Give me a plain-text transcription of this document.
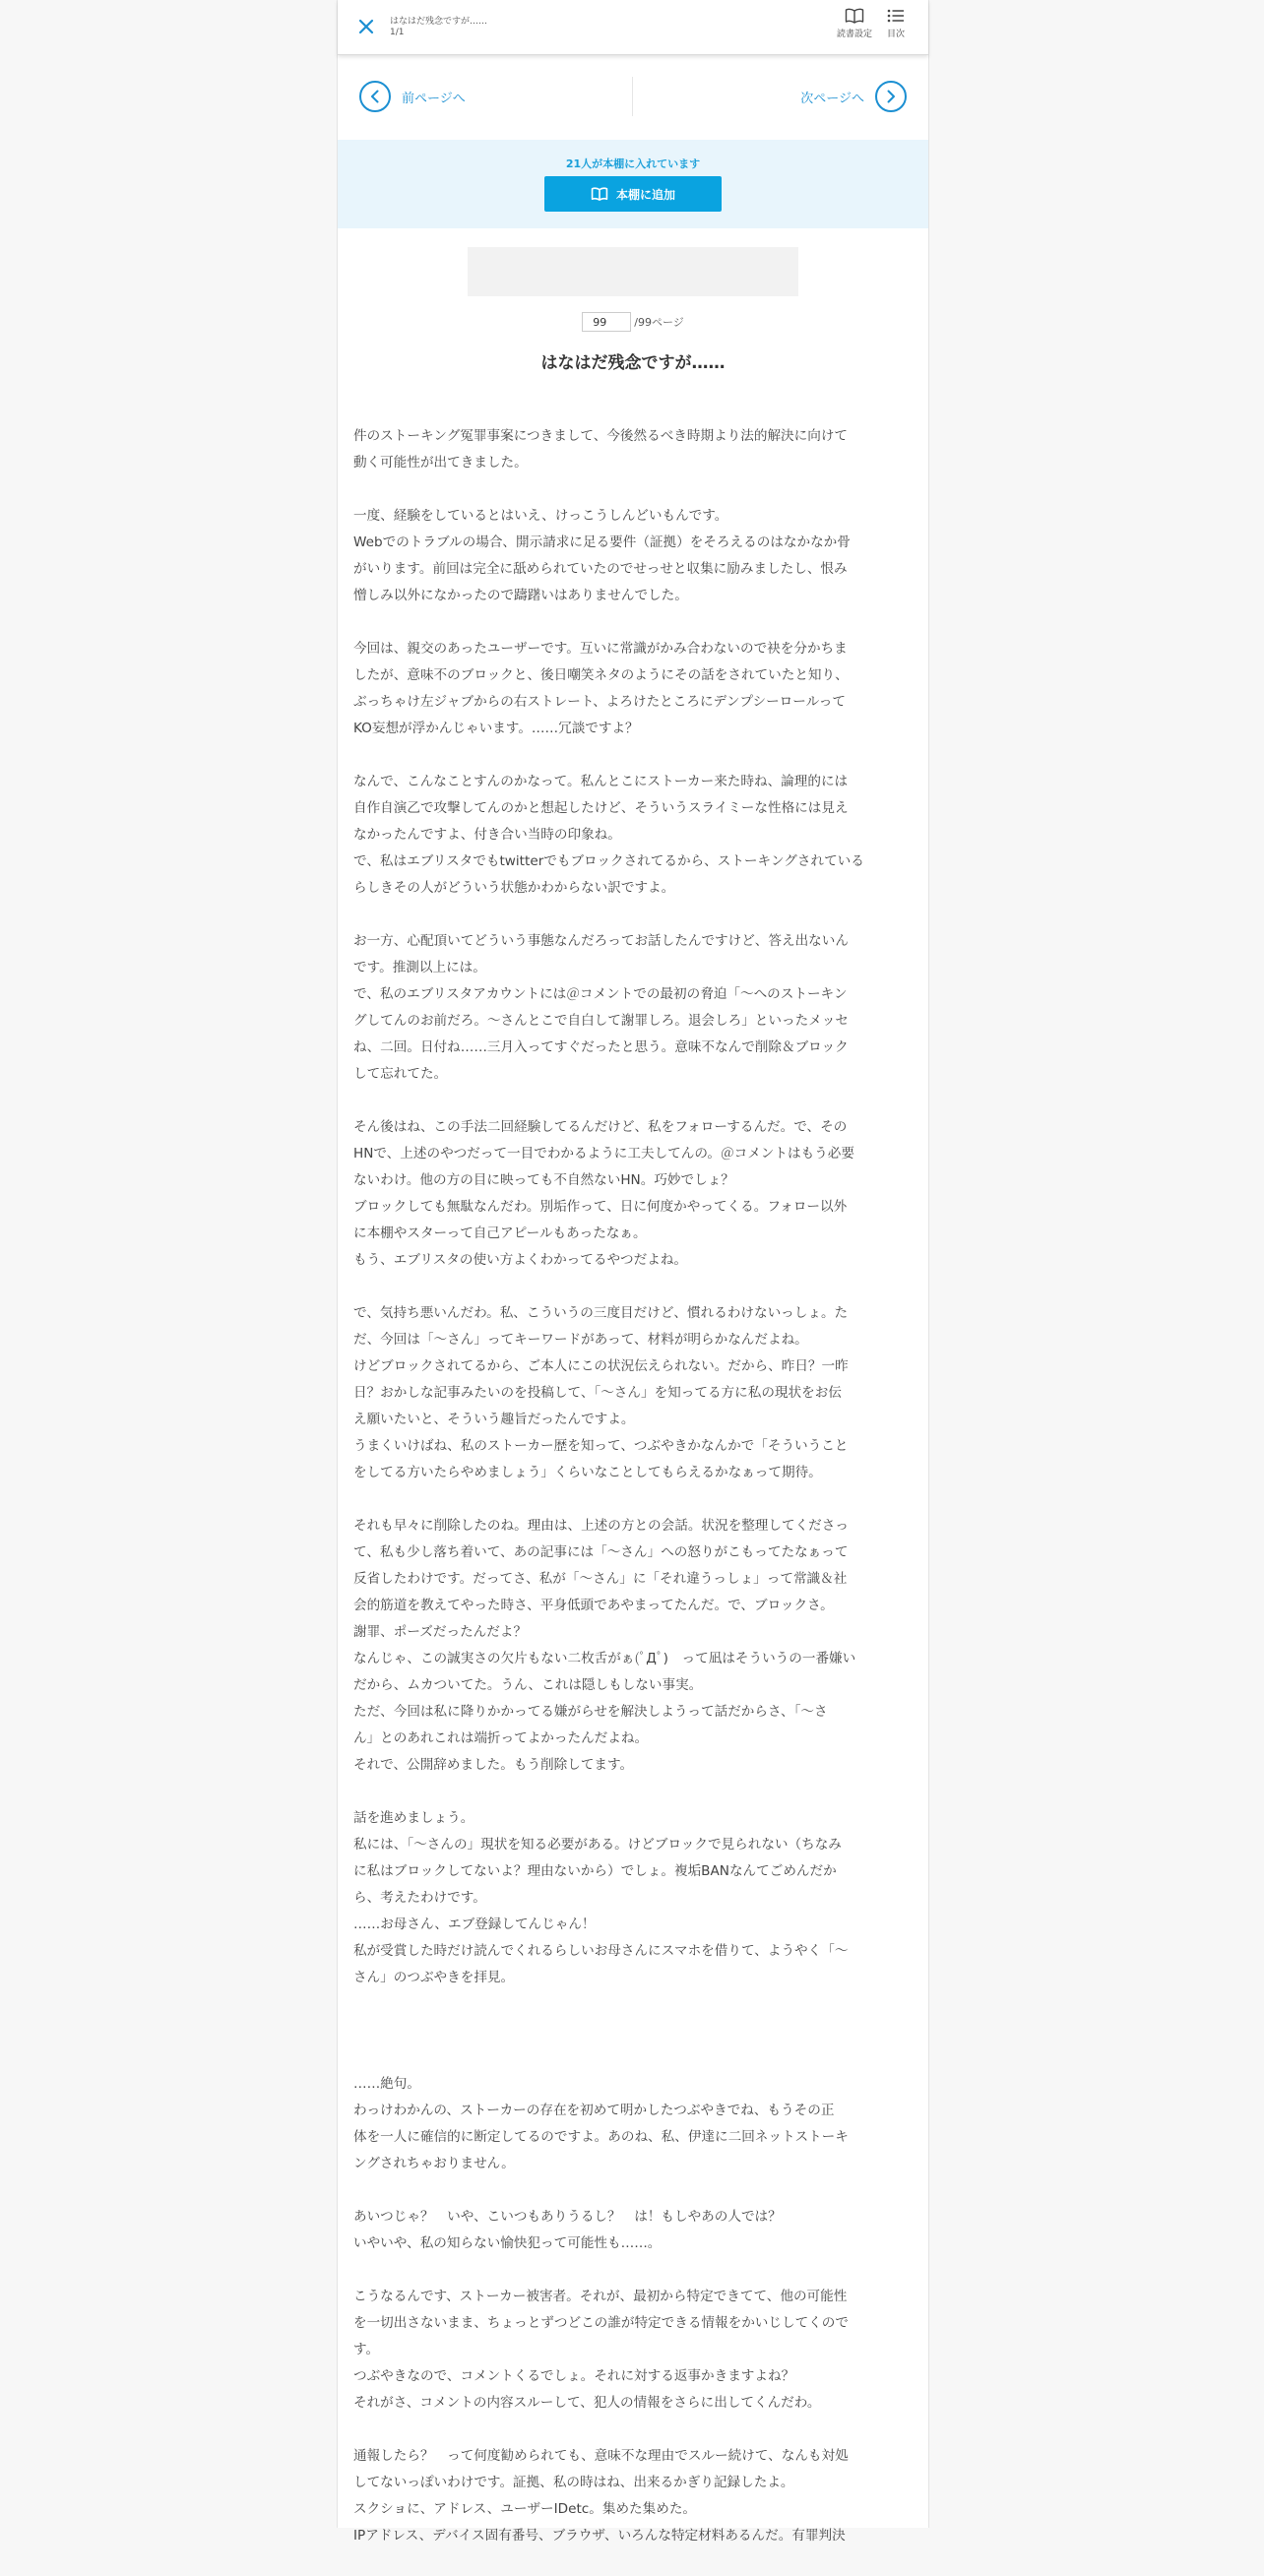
はなはだ残念ですが……
1/1	読書設定 目次
前ページへ	次ページへ
21人が本棚に入れています
本棚に追加
99
/99ページ
はなはだ残念ですが……
件のストーキング冤罪事案につきまして、今後然るべき時期より法的解決に向けて
動く可能性が出てきました。
一度、経験をしているとはいえ、けっこうしんどいもんです。
Webでのトラブルの場合、開示請求に足る要件（証拠）をそろえるのはなかなか骨
がいります。前回は完全に舐められていたのでせっせと収集に励みましたし、恨み
憎しみ以外になかったので躊躇いはありませんでした。
今回は、親交のあったユーザーです。互いに常識がかみ合わないので袂を分かちま
したが、意味不のブロックと、後日嘲笑ネタのようにその話をされていたと知り、
ぶっちゃけ左ジャブからの右ストレート、よろけたところにデンプシーロールって
KO妄想が浮かんじゃいます。……冗談ですよ？
なんで、こんなことすんのかなって。私んとこにストーカー来た時ね、論理的には
自作自演乙で攻撃してんのかと想起したけど、そういうスライミーな性格には見え
なかったんですよ、付き合い当時の印象ね。
で、私はエブリスタでもtwitterでもブロックされてるから、ストーキングされている
らしきその人がどういう状態かわからない訳ですよ。
お一方、心配頂いてどういう事態なんだろってお話したんですけど、答え出ないん
です。推測以上には。
で、私のエブリスタアカウントには＠コメントでの最初の脅迫「～へのストーキン
グしてんのお前だろ。～さんとこで自白して謝罪しろ。退会しろ」といったメッセ
ね、二回。日付ね……三月入ってすぐだったと思う。意味不なんで削除＆ブロック
して忘れてた。
そん後はね、この手法二回経験してるんだけど、私をフォローするんだ。で、その
HNで、上述のやつだって一目でわかるように工夫してんの。＠コメントはもう必要
ないわけ。他の方の目に映っても不自然ないHN。巧妙でしょ？
ブロックしても無駄なんだわ。別垢作って、日に何度かやってくる。フォロー以外
に本棚やスターって自己アピールもあったなぁ。
もう、エブリスタの使い方よくわかってるやつだよね。
で、気持ち悪いんだわ。私、こういうの三度目だけど、慣れるわけないっしょ。た
だ、今回は「～さん」ってキーワードがあって、材料が明らかなんだよね。
けどブロックされてるから、ご本人にこの状況伝えられない。だから、昨日？一昨
日？おかしな記事みたいのを投稿して、「～さん」を知ってる方に私の現状をお伝
え願いたいと、そういう趣旨だったんですよ。
うまくいけばね、私のストーカー歴を知って、つぶやきかなんかで「そういうこと
をしてる方いたらやめましょう」くらいなことしてもらえるかなぁって期待。
それも早々に削除したのね。理由は、上述の方との会話。状況を整理してくださっ
て、私も少し落ち着いて、あの記事には「～さん」への怒りがこもってたなぁって
反省したわけです。だってさ、私が「～さん」に「それ違うっしょ」って常識＆社
会的筋道を教えてやった時さ、平身低頭であやまってたんだ。で、ブロックさ。
謝罪、ポーズだったんだよ？
なんじゃ、この誠実さの欠片もない二枚舌がぁ(ﾟДﾟ)　って凪はそういうの一番嫌い
だから、ムカついてた。うん、これは隠しもしない事実。
ただ、今回は私に降りかかってる嫌がらせを解決しようって話だからさ、「～さ
ん」とのあれこれは端折ってよかったんだよね。
それで、公開辞めました。もう削除してます。
話を進めましょう。
私には、「～さんの」現状を知る必要がある。けどブロックで見られない（ちなみ
に私はブロックしてないよ？理由ないから）でしょ。複垢BANなんてごめんだか
ら、考えたわけです。
……お母さん、エブ登録してんじゃん！
私が受賞した時だけ読んでくれるらしいお母さんにスマホを借りて、ようやく「～
さん」のつぶやきを拝見。

……絶句。
わっけわかんの、ストーカーの存在を初めて明かしたつぶやきでね、もうその正
体を一人に確信的に断定してるのですよ。あのね、私、伊達に二回ネットストーキ
ングされちゃおりません。
あいつじゃ？　いや、こいつもありうるし？　は！もしやあの人では？
いやいや、私の知らない愉快犯って可能性も……。
こうなるんです、ストーカー被害者。それが、最初から特定できてて、他の可能性
を一切出さないまま、ちょっとずつどこの誰が特定できる情報をかいじしてくので
す。
つぶやきなので、コメントくるでしょ。それに対する返事かきますよね？
それがさ、コメントの内容スルーして、犯人の情報をさらに出してくんだわ。
通報したら？　って何度勧められても、意味不な理由でスルー続けて、なんも対処
してないっぽいわけです。証拠、私の時はね、出来るかぎり記録したよ。
スクショに、アドレス、ユーザーIDetc。集めた集めた。
IPアドレス、デバイス固有番号、ブラウザ、いろんな特定材料あるんだ。有罪判決
